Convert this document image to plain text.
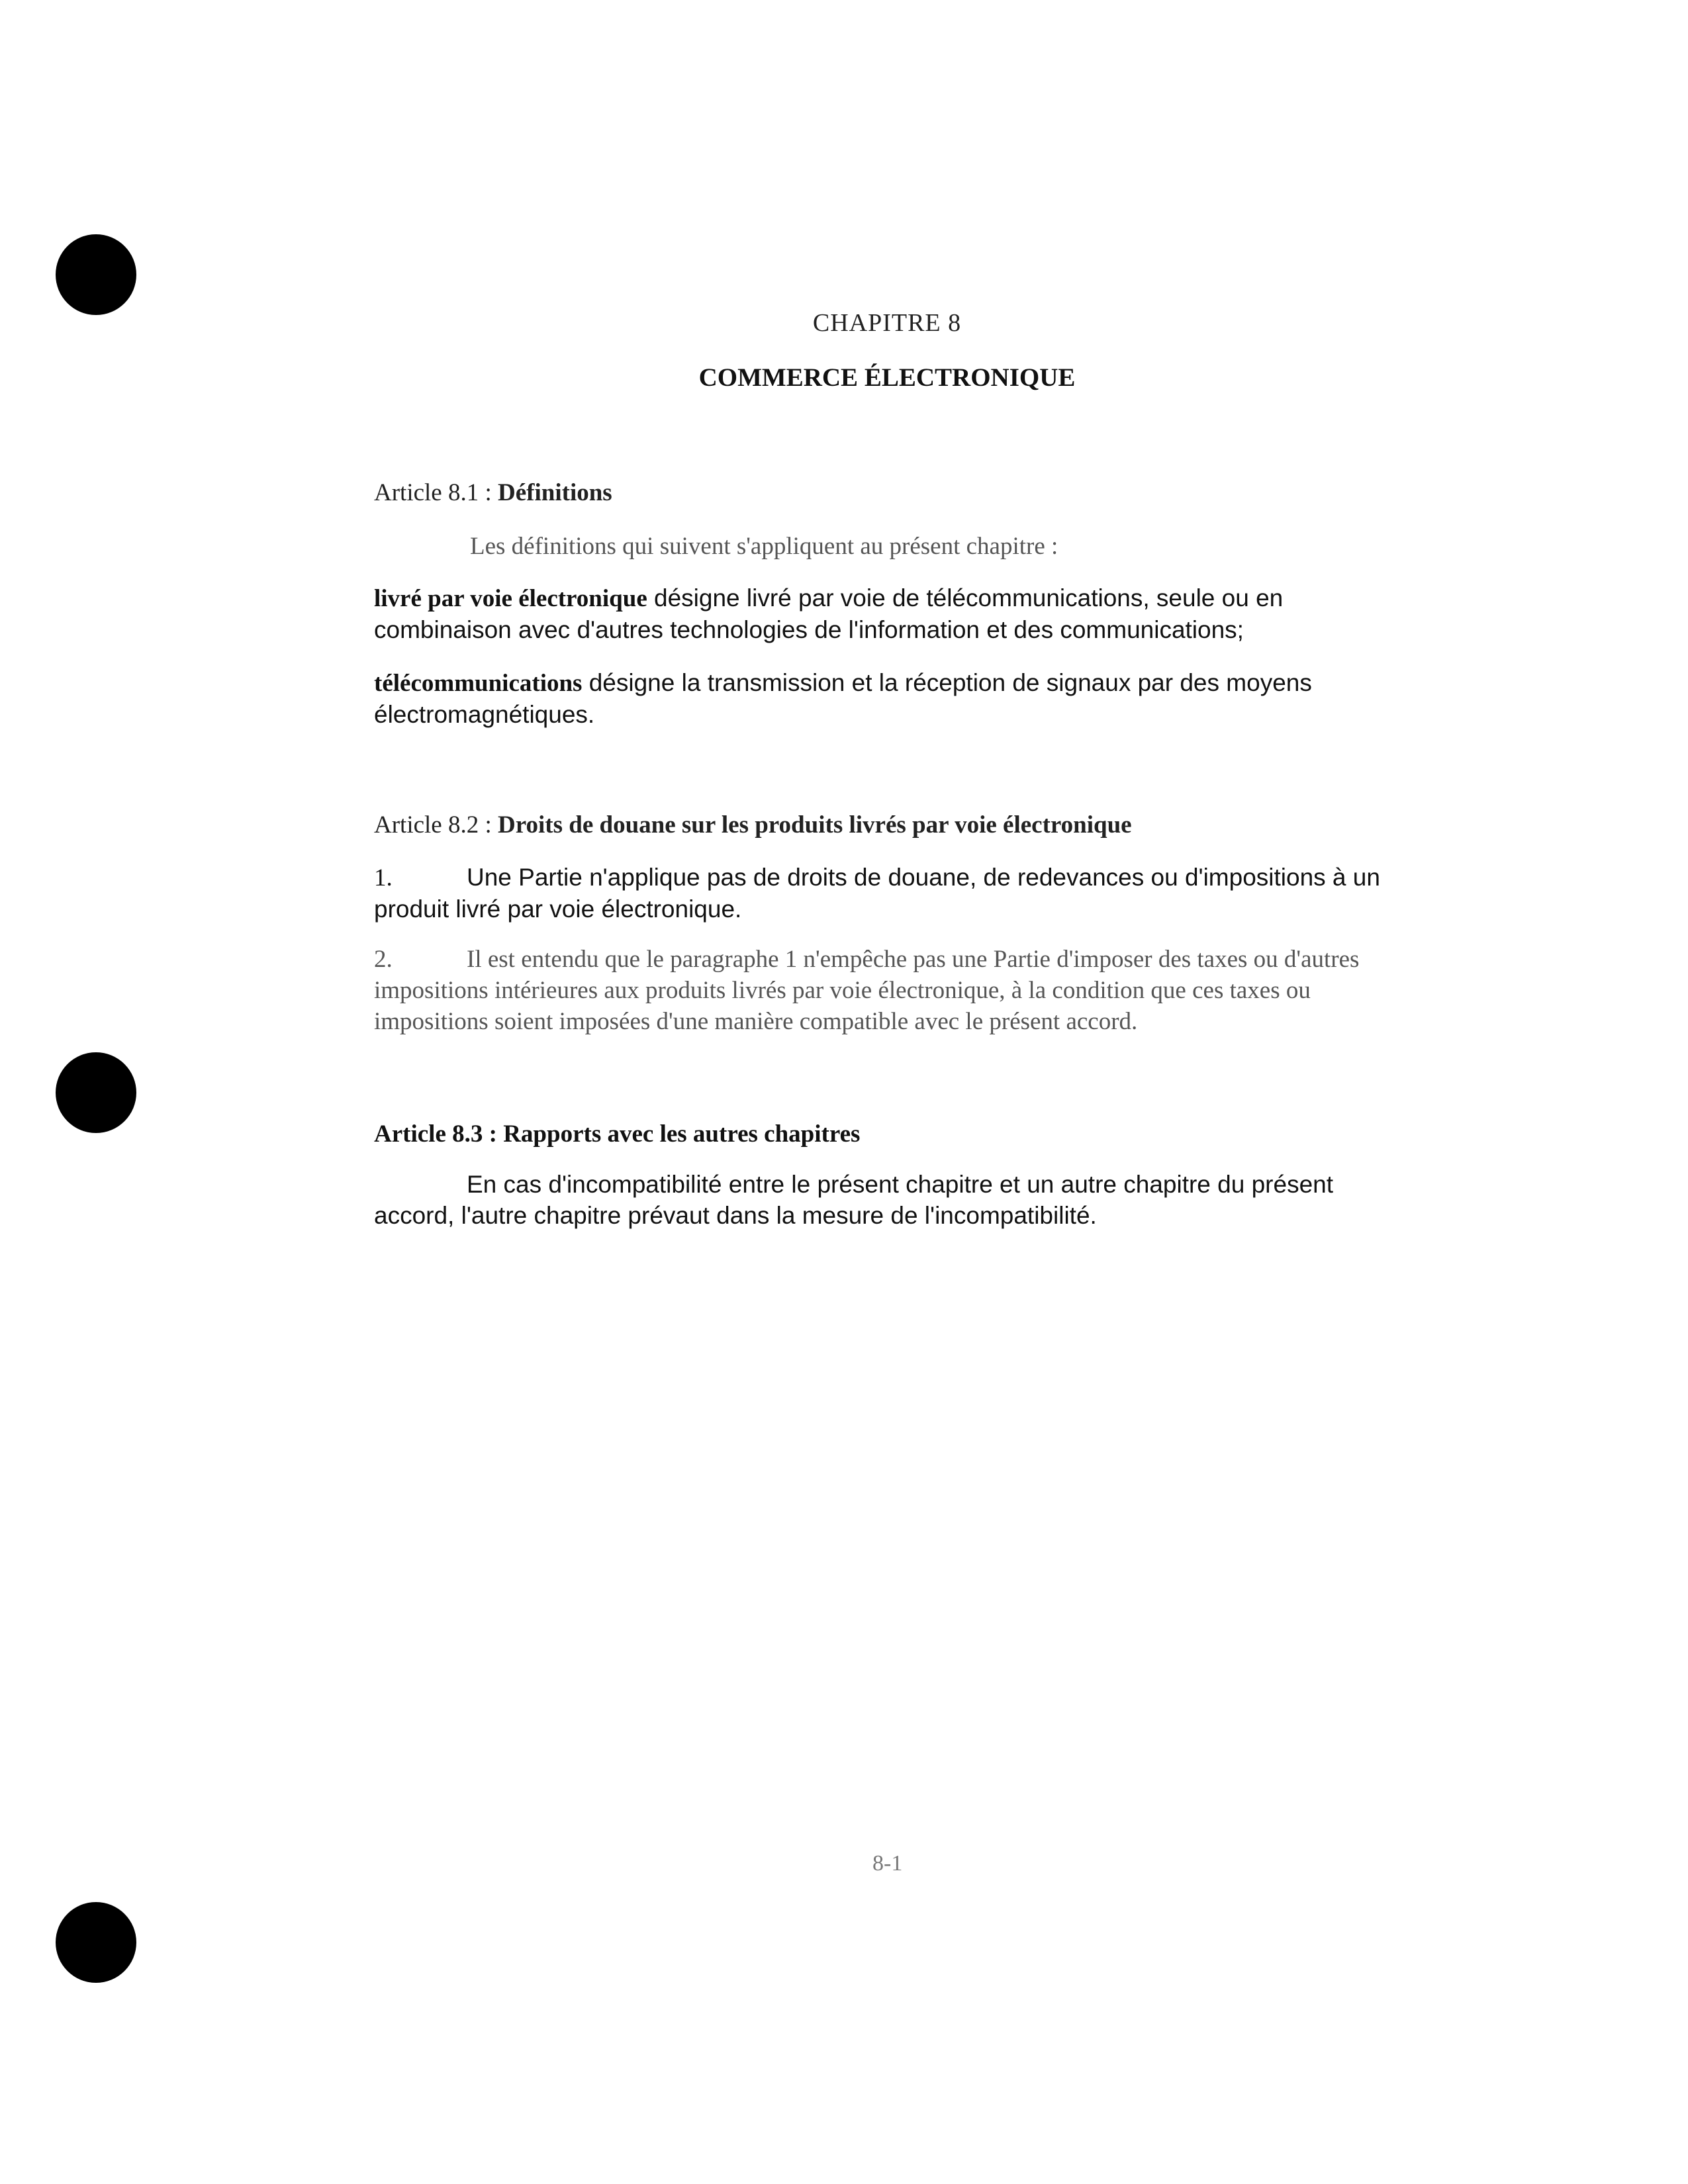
CHAPITRE 8
COMMERCE ÉLECTRONIQUE
Article 8.1 : Définitions
Les définitions qui suivent s'appliquent au présent chapitre :
livré par voie électronique désigne livré par voie de télécommunications, seule ou en combinaison avec d'autres technologies de l'information et des communications;
télécommunications désigne la transmission et la réception de signaux par des moyens électromagnétiques.
Article 8.2 : Droits de douane sur les produits livrés par voie électronique
1.	Une Partie n'applique pas de droits de douane, de redevances ou d'impositions à un produit livré par voie électronique.
2.	Il est entendu que le paragraphe 1 n'empêche pas une Partie d'imposer des taxes ou d'autres impositions intérieures aux produits livrés par voie électronique, à la condition que ces taxes ou impositions soient imposées d'une manière compatible avec le présent accord.
Article 8.3 : Rapports avec les autres chapitres
En cas d'incompatibilité entre le présent chapitre et un autre chapitre du présent accord, l'autre chapitre prévaut dans la mesure de l'incompatibilité.
8-1
